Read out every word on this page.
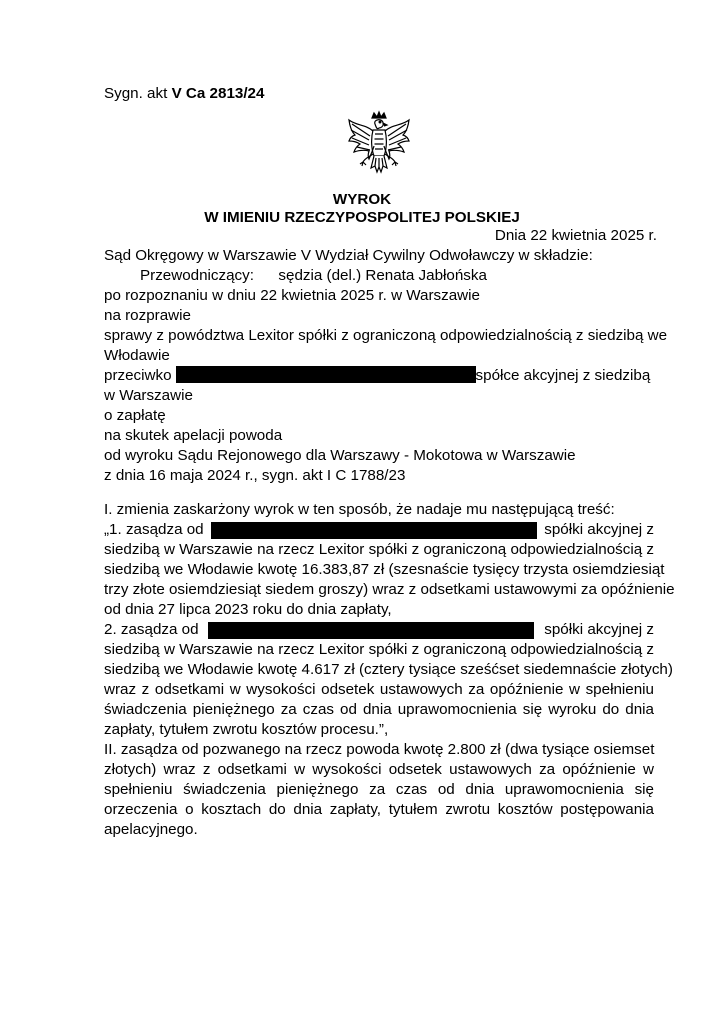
Sygn. akt V Ca 2813/24
WYROK
W IMIENIU RZECZYPOSPOLITEJ POLSKIEJ
Dnia 22 kwietnia 2025 r.
Sąd Okręgowy w Warszawie V Wydział Cywilny Odwoławczy w składzie:
Przewodniczący: sędzia (del.) Renata Jabłońska
po rozpoznaniu w dniu 22 kwietnia 2025 r. w Warszawie
na rozprawie
sprawy z powództwa Lexitor spółki z ograniczoną odpowiedzialnością z siedzibą we
Włodawie
przeciwko	spółce akcyjnej z siedzibą
w Warszawie
o zapłatę
na skutek apelacji powoda
od wyroku Sądu Rejonowego dla Warszawy - Mokotowa w Warszawie
z dnia 16 maja 2024 r., sygn. akt I C 1788/23
I. zmienia zaskarżony wyrok w ten sposób, że nadaje mu następującą treść:
„1. zasądza od	spółki akcyjnej z
siedzibą w Warszawie na rzecz Lexitor spółki z ograniczoną odpowiedzialnością z
siedzibą we Włodawie kwotę 16.383,87 zł (szesnaście tysięcy trzysta osiemdziesiąt
trzy złote osiemdziesiąt siedem groszy) wraz z odsetkami ustawowymi za opóźnienie
od dnia 27 lipca 2023 roku do dnia zapłaty,
2. zasądza od	spółki akcyjnej z
siedzibą w Warszawie na rzecz Lexitor spółki z ograniczoną odpowiedzialnością z
siedzibą we Włodawie kwotę 4.617 zł (cztery tysiące sześćset siedemnaście złotych)
wraz z odsetkami w wysokości odsetek ustawowych za opóźnienie w spełnieniu
świadczenia pieniężnego za czas od dnia uprawomocnienia się wyroku do dnia
zapłaty, tytułem zwrotu kosztów procesu.”,
II. zasądza od pozwanego na rzecz powoda kwotę 2.800 zł (dwa tysiące osiemset
złotych) wraz z odsetkami w wysokości odsetek ustawowych za opóźnienie w
spełnieniu świadczenia pieniężnego za czas od dnia uprawomocnienia się
orzeczenia o kosztach do dnia zapłaty, tytułem zwrotu kosztów postępowania
apelacyjnego.
